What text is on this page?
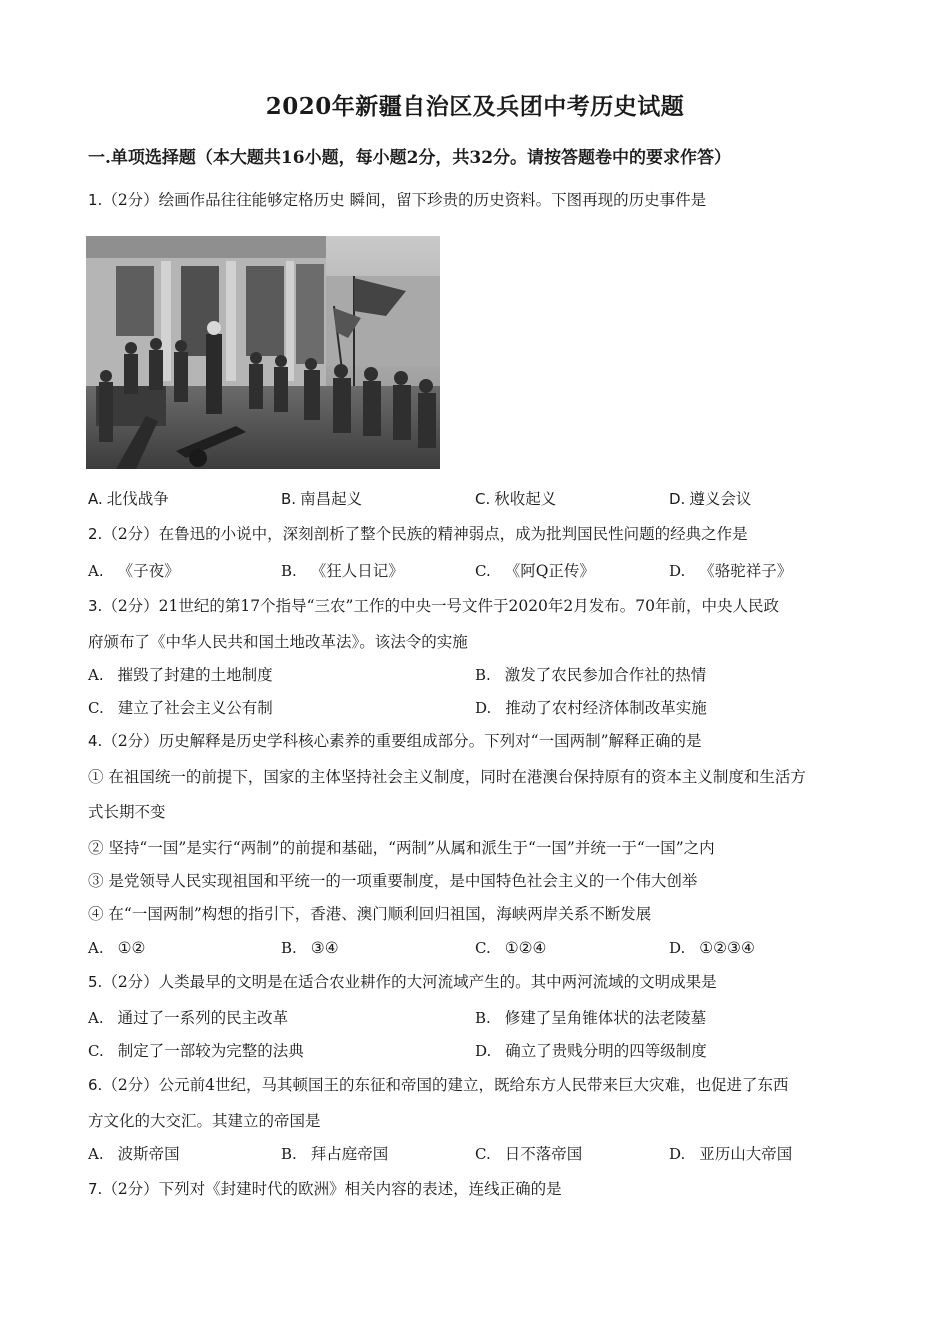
2020年新疆自治区及兵团中考历史试题
一.单项选择题（本大题共16小题，每小题2分，共32分。请按答题卷中的要求作答）
1.（2分）绘画作品往往能够定格历史 瞬间，留下珍贵的历史资料。下图再现的历史事件是
A. 北伐战争	B. 南昌起义	C. 秋收起义	D. 遵义会议
2.（2分）在鲁迅的小说中，深刻剖析了整个民族的精神弱点，成为批判国民性问题的经典之作是
A. 《子夜》	B. 《狂人日记》	C. 《阿Q正传》	D. 《骆驼祥子》
3.（2分）21世纪的第17个指导“三农”工作的中央一号文件于2020年2月发布。70年前，中央人民政
府颁布了《中华人民共和国土地改革法》。该法令的实施
A. 摧毁了封建的土地制度	B. 激发了农民参加合作社的热情
C. 建立了社会主义公有制	D. 推动了农村经济体制改革实施
4.（2分）历史解释是历史学科核心素养的重要组成部分。下列对“一国两制”解释正确的是
① 在祖国统一的前提下，国家的主体坚持社会主义制度，同时在港澳台保持原有的资本主义制度和生活方
式长期不变
② 坚持“一国”是实行“两制”的前提和基础，“两制”从属和派生于“一国”并统一于“一国”之内
③ 是党领导人民实现祖国和平统一的一项重要制度，是中国特色社会主义的一个伟大创举
④ 在“一国两制”构想的指引下，香港、澳门顺利回归祖国，海峡两岸关系不断发展
A. ①②	B. ③④	C. ①②④	D. ①②③④
5.（2分）人类最早的文明是在适合农业耕作的大河流域产生的。其中两河流域的文明成果是
A. 通过了一系列的民主改革	B. 修建了呈角锥体状的法老陵墓
C. 制定了一部较为完整的法典	D. 确立了贵贱分明的四等级制度
6.（2分）公元前4世纪，马其顿国王的东征和帝国的建立，既给东方人民带来巨大灾难，也促进了东西
方文化的大交汇。其建立的帝国是
A. 波斯帝国	B. 拜占庭帝国	C. 日不落帝国	D. 亚历山大帝国
7.（2分）下列对《封建时代的欧洲》相关内容的表述，连线正确的是
